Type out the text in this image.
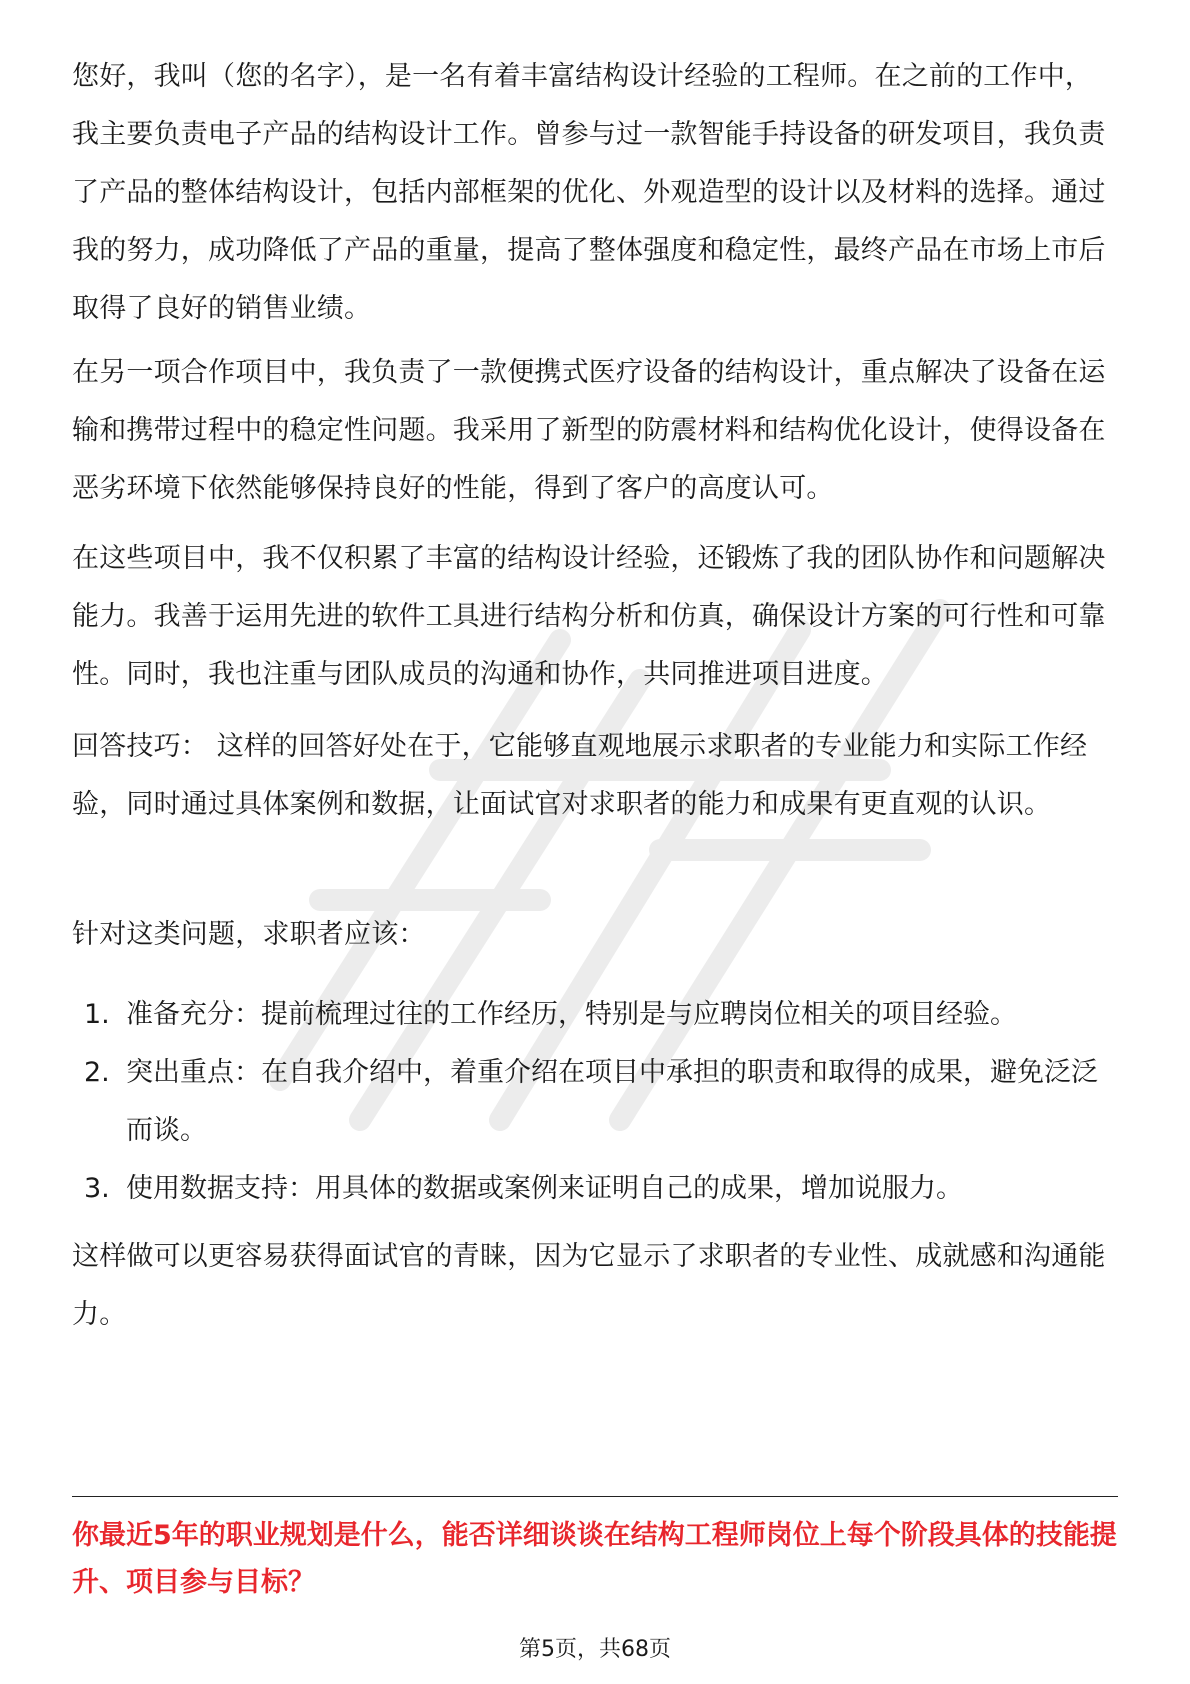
您好，我叫（您的名字），是一名有着丰富结构设计经验的工程师。在之前的工作中，我主要负责电子产品的结构设计工作。曾参与过一款智能手持设备的研发项目，我负责了产品的整体结构设计，包括内部框架的优化、外观造型的设计以及材料的选择。通过我的努力，成功降低了产品的重量，提高了整体强度和稳定性，最终产品在市场上市后取得了良好的销售业绩。

在另一项合作项目中，我负责了一款便携式医疗设备的结构设计，重点解决了设备在运输和携带过程中的稳定性问题。我采用了新型的防震材料和结构优化设计，使得设备在恶劣环境下依然能够保持良好的性能，得到了客户的高度认可。

在这些项目中，我不仅积累了丰富的结构设计经验，还锻炼了我的团队协作和问题解决能力。我善于运用先进的软件工具进行结构分析和仿真，确保设计方案的可行性和可靠性。同时，我也注重与团队成员的沟通和协作，共同推进项目进度。

回答技巧： 这样的回答好处在于，它能够直观地展示求职者的专业能力和实际工作经验，同时通过具体案例和数据，让面试官对求职者的能力和成果有更直观的认识。

针对这类问题，求职者应该：

1. 准备充分：提前梳理过往的工作经历，特别是与应聘岗位相关的项目经验。
2. 突出重点：在自我介绍中，着重介绍在项目中承担的职责和取得的成果，避免泛泛而谈。
3. 使用数据支持：用具体的数据或案例来证明自己的成果，增加说服力。

这样做可以更容易获得面试官的青睐，因为它显示了求职者的专业性、成就感和沟通能力。

你最近5年的职业规划是什么，能否详细谈谈在结构工程师岗位上每个阶段具体的技能提升、项目参与目标？

第5页，共68页
